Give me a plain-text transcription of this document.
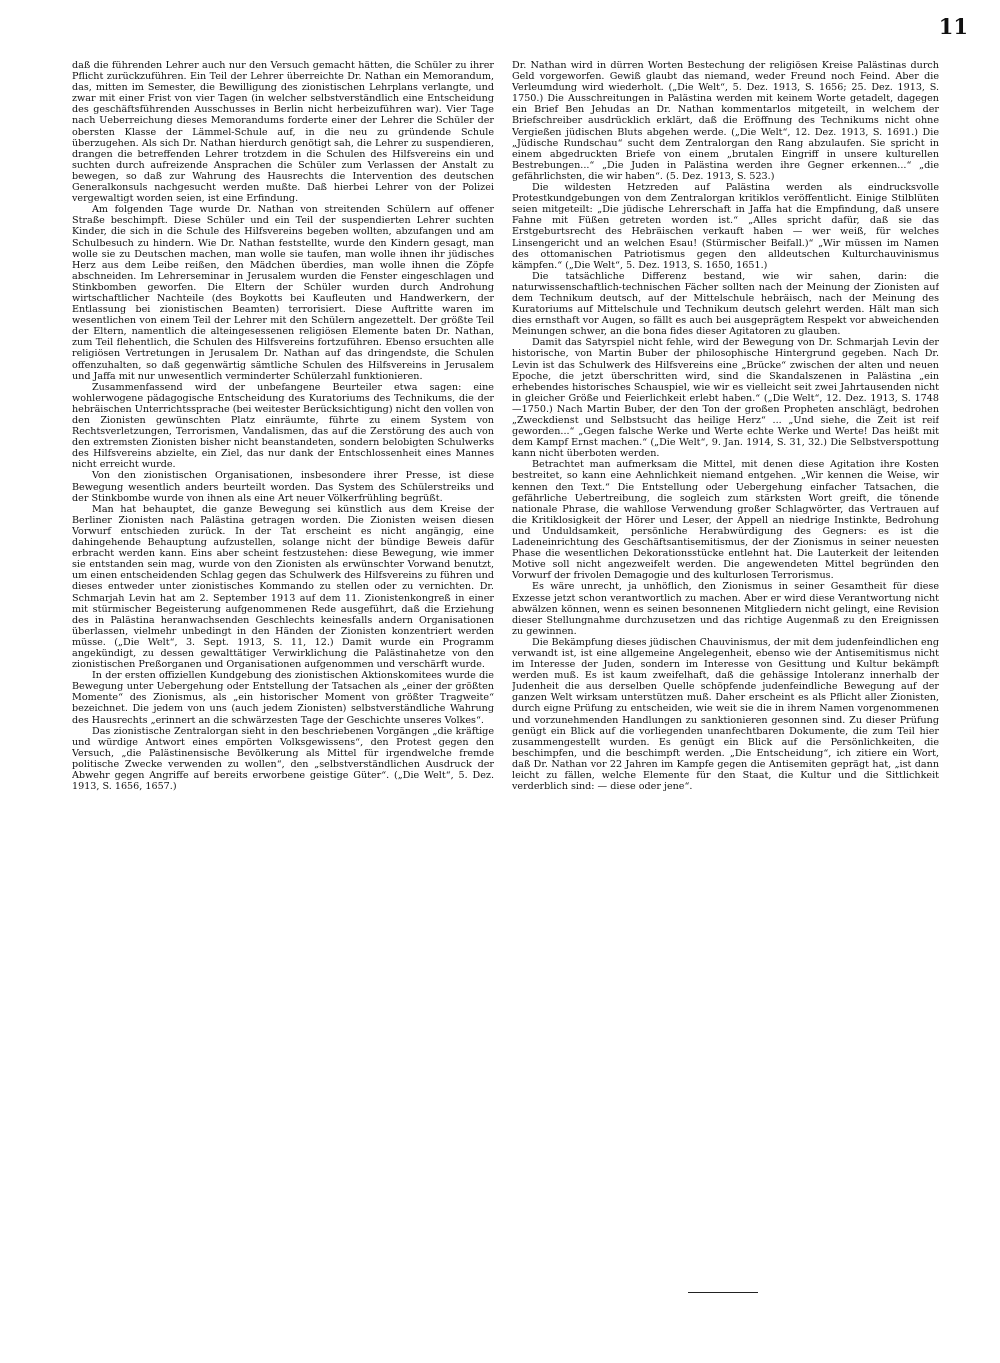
11

daß die führenden Lehrer auch nur den Versuch gemacht hätten, die Schüler zu ihrer Pflicht zurückzuführen. Ein Teil der Lehrer überreichte Dr. Nathan ein Memorandum, das, mitten im Semester, die Bewilligung des zionistischen Lehrplans verlangte, und zwar mit einer Frist von vier Tagen (in welcher selbstverständlich eine Entscheidung des geschäftsführenden Ausschusses in Berlin nicht herbeizuführen war). Vier Tage nach Ueberreichung dieses Memorandums forderte einer der Lehrer die Schüler der obersten Klasse der Lämmel-Schule auf, in die neu zu gründende Schule überzugehen. Als sich Dr. Nathan hierdurch genötigt sah, die Lehrer zu suspendieren, drangen die betreffenden Lehrer trotzdem in die Schulen des Hilfsvereins ein und suchten durch aufreizende Ansprachen die Schüler zum Verlassen der Anstalt zu bewegen, so daß zur Wahrung des Hausrechts die Intervention des deutschen Generalkonsuls nachgesucht werden mußte. Daß hierbei Lehrer von der Polizei vergewaltigt worden seien, ist eine Erfindung.

Am folgenden Tage wurde Dr. Nathan von streitenden Schülern auf offener Straße beschimpft. Diese Schüler und ein Teil der suspendierten Lehrer suchten Kinder, die sich in die Schule des Hilfsvereins begeben wollten, abzufangen und am Schulbesuch zu hindern. Wie Dr. Nathan feststellte, wurde den Kindern gesagt, man wolle sie zu Deutschen machen, man wolle sie taufen, man wolle ihnen ihr jüdisches Herz aus dem Leibe reißen, den Mädchen überdies, man wolle ihnen die Zöpfe abschneiden. Im Lehrerseminar in Jerusalem wurden die Fenster eingeschlagen und Stinkbomben geworfen. Die Eltern der Schüler wurden durch Androhung wirtschaftlicher Nachteile (des Boykotts bei Kaufleuten und Handwerkern, der Entlassung bei zionistischen Beamten) terrorisiert. Diese Auftritte waren im wesentlichen von einem Teil der Lehrer mit den Schülern angezettelt. Der größte Teil der Eltern, namentlich die alteingesessenen religiösen Elemente baten Dr. Nathan, zum Teil flehentlich, die Schulen des Hilfsvereins fortzuführen. Ebenso ersuchten alle religiösen Vertretungen in Jerusalem Dr. Nathan auf das dringendste, die Schulen offenzuhalten, so daß gegenwärtig sämtliche Schulen des Hilfsvereins in Jerusalem und Jaffa mit nur unwesentlich verminderter Schülerzahl funktionieren.

Zusammenfassend wird der unbefangene Beurteiler etwa sagen: eine wohlerwogene pädagogische Entscheidung des Kuratoriums des Technikums, die der hebräischen Unterrichtssprache (bei weitester Berücksichtigung) nicht den vollen von den Zionisten gewünschten Platz einräumte, führte zu einem System von Rechtsverletzungen, Terrorismen, Vandalismen, das auf die Zerstörung des auch von den extremsten Zionisten bisher nicht beanstandeten, sondern belobigten Schulwerks des Hilfsvereins abzielte, ein Ziel, das nur dank der Entschlossenheit eines Mannes nicht erreicht wurde.

Von den zionistischen Organisationen, insbesondere ihrer Presse, ist diese Bewegung wesentlich anders beurteilt worden. Das System des Schülerstreiks und der Stinkbombe wurde von ihnen als eine Art neuer Völkerfrühling begrüßt.

Man hat behauptet, die ganze Bewegung sei künstlich aus dem Kreise der Berliner Zionisten nach Palästina getragen worden. Die Zionisten weisen diesen Vorwurf entschieden zurück. In der Tat erscheint es nicht angängig, eine dahingehende Behauptung aufzustellen, solange nicht der bündige Beweis dafür erbracht werden kann. Eins aber scheint festzustehen: diese Bewegung, wie immer sie entstanden sein mag, wurde von den Zionisten als erwünschter Vorwand benutzt, um einen entscheidenden Schlag gegen das Schulwerk des Hilfsvereins zu führen und dieses entweder unter zionistisches Kommando zu stellen oder zu vernichten. Dr. Schmarjah Levin hat am 2. September 1913 auf dem 11. Zionistenkongreß in einer mit stürmischer Begeisterung aufgenommenen Rede ausgeführt, daß die Erziehung des in Palästina heranwachsenden Geschlechts keinesfalls andern Organisationen überlassen, vielmehr unbedingt in den Händen der Zionisten konzentriert werden müsse. („Die Welt“, 3. Sept. 1913, S. 11, 12.) Damit wurde ein Programm angekündigt, zu dessen gewalttätiger Verwirklichung die Palästinahetze von den zionistischen Preßorganen und Organisationen aufgenommen und verschärft wurde.

In der ersten offiziellen Kundgebung des zionistischen Aktionskomitees wurde die Bewegung unter Uebergehung oder Entstellung der Tatsachen als „einer der größten Momente“ des Zionismus, als „ein historischer Moment von größter Tragweite“ bezeichnet. Die jedem von uns (auch jedem Zionisten) selbstverständliche Wahrung des Hausrechts „erinnert an die schwärzesten Tage der Geschichte unseres Volkes“.

Das zionistische Zentralorgan sieht in den beschriebenen Vorgängen „die kräftige und würdige Antwort eines empörten Volksgewissens“, den Protest gegen den Versuch, „die Palästinensische Bevölkerung als Mittel für irgendwelche fremde politische Zwecke verwenden zu wollen“, den „selbstverständlichen Ausdruck der Abwehr gegen Angriffe auf bereits erworbene geistige Güter“. („Die Welt“, 5. Dez. 1913, S. 1656, 1657.)

Dr. Nathan wird in dürren Worten Bestechung der religiösen Kreise Palästinas durch Geld vorgeworfen. Gewiß glaubt das niemand, weder Freund noch Feind. Aber die Verleumdung wird wiederholt. („Die Welt“, 5. Dez. 1913, S. 1656; 25. Dez. 1913, S. 1750.) Die Ausschreitungen in Palästina werden mit keinem Worte getadelt, dagegen ein Brief Ben Jehudas an Dr. Nathan kommentarlos mitgeteilt, in welchem der Briefschreiber ausdrücklich erklärt, daß die Eröffnung des Technikums nicht ohne Vergießen jüdischen Bluts abgehen werde. („Die Welt“, 12. Dez. 1913, S. 1691.) Die „Jüdische Rundschau“ sucht dem Zentralorgan den Rang abzulaufen. Sie spricht in einem abgedruckten Briefe von einem „brutalen Eingriff in unsere kulturellen Bestrebungen...“ „Die Juden in Palästina werden ihre Gegner erkennen...“ „die gefährlichsten, die wir haben“. (5. Dez. 1913, S. 523.)

Die wildesten Hetzreden auf Palästina werden als eindrucksvolle Protestkundgebungen von dem Zentralorgan kritiklos veröffentlicht. Einige Stilblüten seien mitgeteilt: „Die jüdische Lehrerschaft in Jaffa hat die Empfindung, daß unsere Fahne mit Füßen getreten worden ist.“ „Alles spricht dafür, daß sie das Erstgeburtsrecht des Hebräischen verkauft haben — wer weiß, für welches Linsengericht und an welchen Esau! (Stürmischer Beifall.)“ „Wir müssen im Namen des ottomanischen Patriotismus gegen den alldeutschen Kulturchauvinismus kämpfen.“ („Die Welt“, 5. Dez. 1913, S. 1650, 1651.)

Die tatsächliche Differenz bestand, wie wir sahen, darin: die naturwissenschaftlich-technischen Fächer sollten nach der Meinung der Zionisten auf dem Technikum deutsch, auf der Mittelschule hebräisch, nach der Meinung des Kuratoriums auf Mittelschule und Technikum deutsch gelehrt werden. Hält man sich dies ernsthaft vor Augen, so fällt es auch bei ausgeprägtem Respekt vor abweichenden Meinungen schwer, an die bona fides dieser Agitatoren zu glauben.

Damit das Satyrspiel nicht fehle, wird der Bewegung von Dr. Schmarjah Levin der historische, von Martin Buber der philosophische Hintergrund gegeben. Nach Dr. Levin ist das Schulwerk des Hilfsvereins eine „Brücke“ zwischen der alten und neuen Epoche, die jetzt überschritten wird, sind die Skandalszenen in Palästina „ein erhebendes historisches Schauspiel, wie wir es vielleicht seit zwei Jahrtausenden nicht in gleicher Größe und Feierlichkeit erlebt haben.“ („Die Welt“, 12. Dez. 1913, S. 1748—1750.) Nach Martin Buber, der den Ton der großen Propheten anschlägt, bedrohen „Zweckdienst und Selbstsucht das heilige Herz“ ... „Und siehe, die Zeit ist reif geworden...“ „Gegen falsche Werke und Werte echte Werke und Werte! Das heißt mit dem Kampf Ernst machen.“ („Die Welt“, 9. Jan. 1914, S. 31, 32.) Die Selbstverspottung kann nicht überboten werden.

Betrachtet man aufmerksam die Mittel, mit denen diese Agitation ihre Kosten bestreitet, so kann eine Aehnlichkeit niemand entgehen. „Wir kennen die Weise, wir kennen den Text.“ Die Entstellung oder Uebergehung einfacher Tatsachen, die gefährliche Uebertreibung, die sogleich zum stärksten Wort greift, die tönende nationale Phrase, die wahllose Verwendung großer Schlagwörter, das Vertrauen auf die Kritiklosigkeit der Hörer und Leser, der Appell an niedrige Instinkte, Bedrohung und Unduldsamkeit, persönliche Herabwürdigung des Gegners: es ist die Ladeneinrichtung des Geschäftsantisemitismus, der der Zionismus in seiner neuesten Phase die wesentlichen Dekorationsstücke entlehnt hat. Die Lauterkeit der leitenden Motive soll nicht angezweifelt werden. Die angewendeten Mittel begründen den Vorwurf der frivolen Demagogie und des kulturlosen Terrorismus.

Es wäre unrecht, ja unhöflich, den Zionismus in seiner Gesamtheit für diese Exzesse jetzt schon verantwortlich zu machen. Aber er wird diese Verantwortung nicht abwälzen können, wenn es seinen besonnenen Mitgliedern nicht gelingt, eine Revision dieser Stellungnahme durchzusetzen und das richtige Augenmaß zu den Ereignissen zu gewinnen.

Die Bekämpfung dieses jüdischen Chauvinismus, der mit dem judenfeindlichen eng verwandt ist, ist eine allgemeine Angelegenheit, ebenso wie der Antisemitismus nicht im Interesse der Juden, sondern im Interesse von Gesittung und Kultur bekämpft werden muß. Es ist kaum zweifelhaft, daß die gehässige Intoleranz innerhalb der Judenheit die aus derselben Quelle schöpfende judenfeindliche Bewegung auf der ganzen Welt wirksam unterstützen muß. Daher erscheint es als Pflicht aller Zionisten, durch eigne Prüfung zu entscheiden, wie weit sie die in ihrem Namen vorgenommenen und vorzunehmenden Handlungen zu sanktionieren gesonnen sind. Zu dieser Prüfung genügt ein Blick auf die vorliegenden unanfechtbaren Dokumente, die zum Teil hier zusammengestellt wurden. Es genügt ein Blick auf die Persönlichkeiten, die beschimpfen, und die beschimpft werden. „Die Entscheidung“, ich zitiere ein Wort, daß Dr. Nathan vor 22 Jahren im Kampfe gegen die Antisemiten geprägt hat, „ist dann leicht zu fällen, welche Elemente für den Staat, die Kultur und die Sittlichkeit verderblich sind: — diese oder jene“.
